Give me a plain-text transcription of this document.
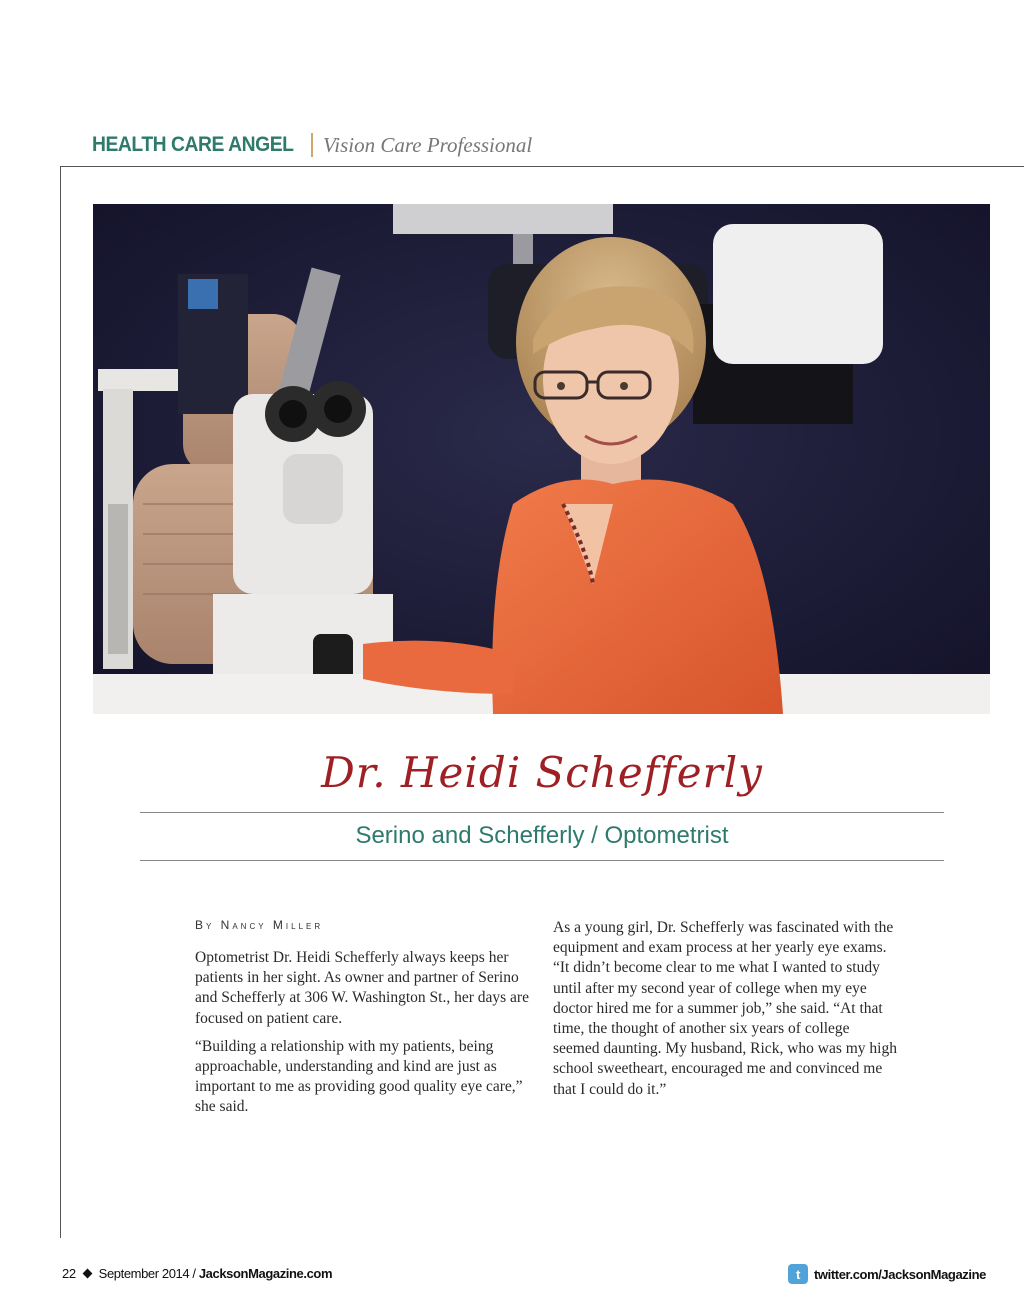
HEALTH CARE ANGEL Vision Care Professional
Dr. Heidi Schefferly
Serino and Schefferly / Optometrist
By Nancy Miller

Optometrist Dr. Heidi Schefferly always keeps her patients in her sight. As owner and partner of Serino and Schefferly at 306 W. Washington St., her days are focused on patient care.

“Building a relationship with my patients, being approachable, understanding and kind are just as important to me as providing good quality eye care,” she said.

As a young girl, Dr. Schefferly was fascinated with the equipment and exam process at her yearly eye exams. “It didn’t become clear to me what I wanted to study until after my second year of college when my eye doctor hired me for a summer job,” she said. “At that time, the thought of another six years of college seemed daunting. My husband, Rick, who was my high school sweetheart, encouraged me and convinced me that I could do it.”

22 September 2014 / JacksonMagazine.com	t	twitter.com/JacksonMagazine
